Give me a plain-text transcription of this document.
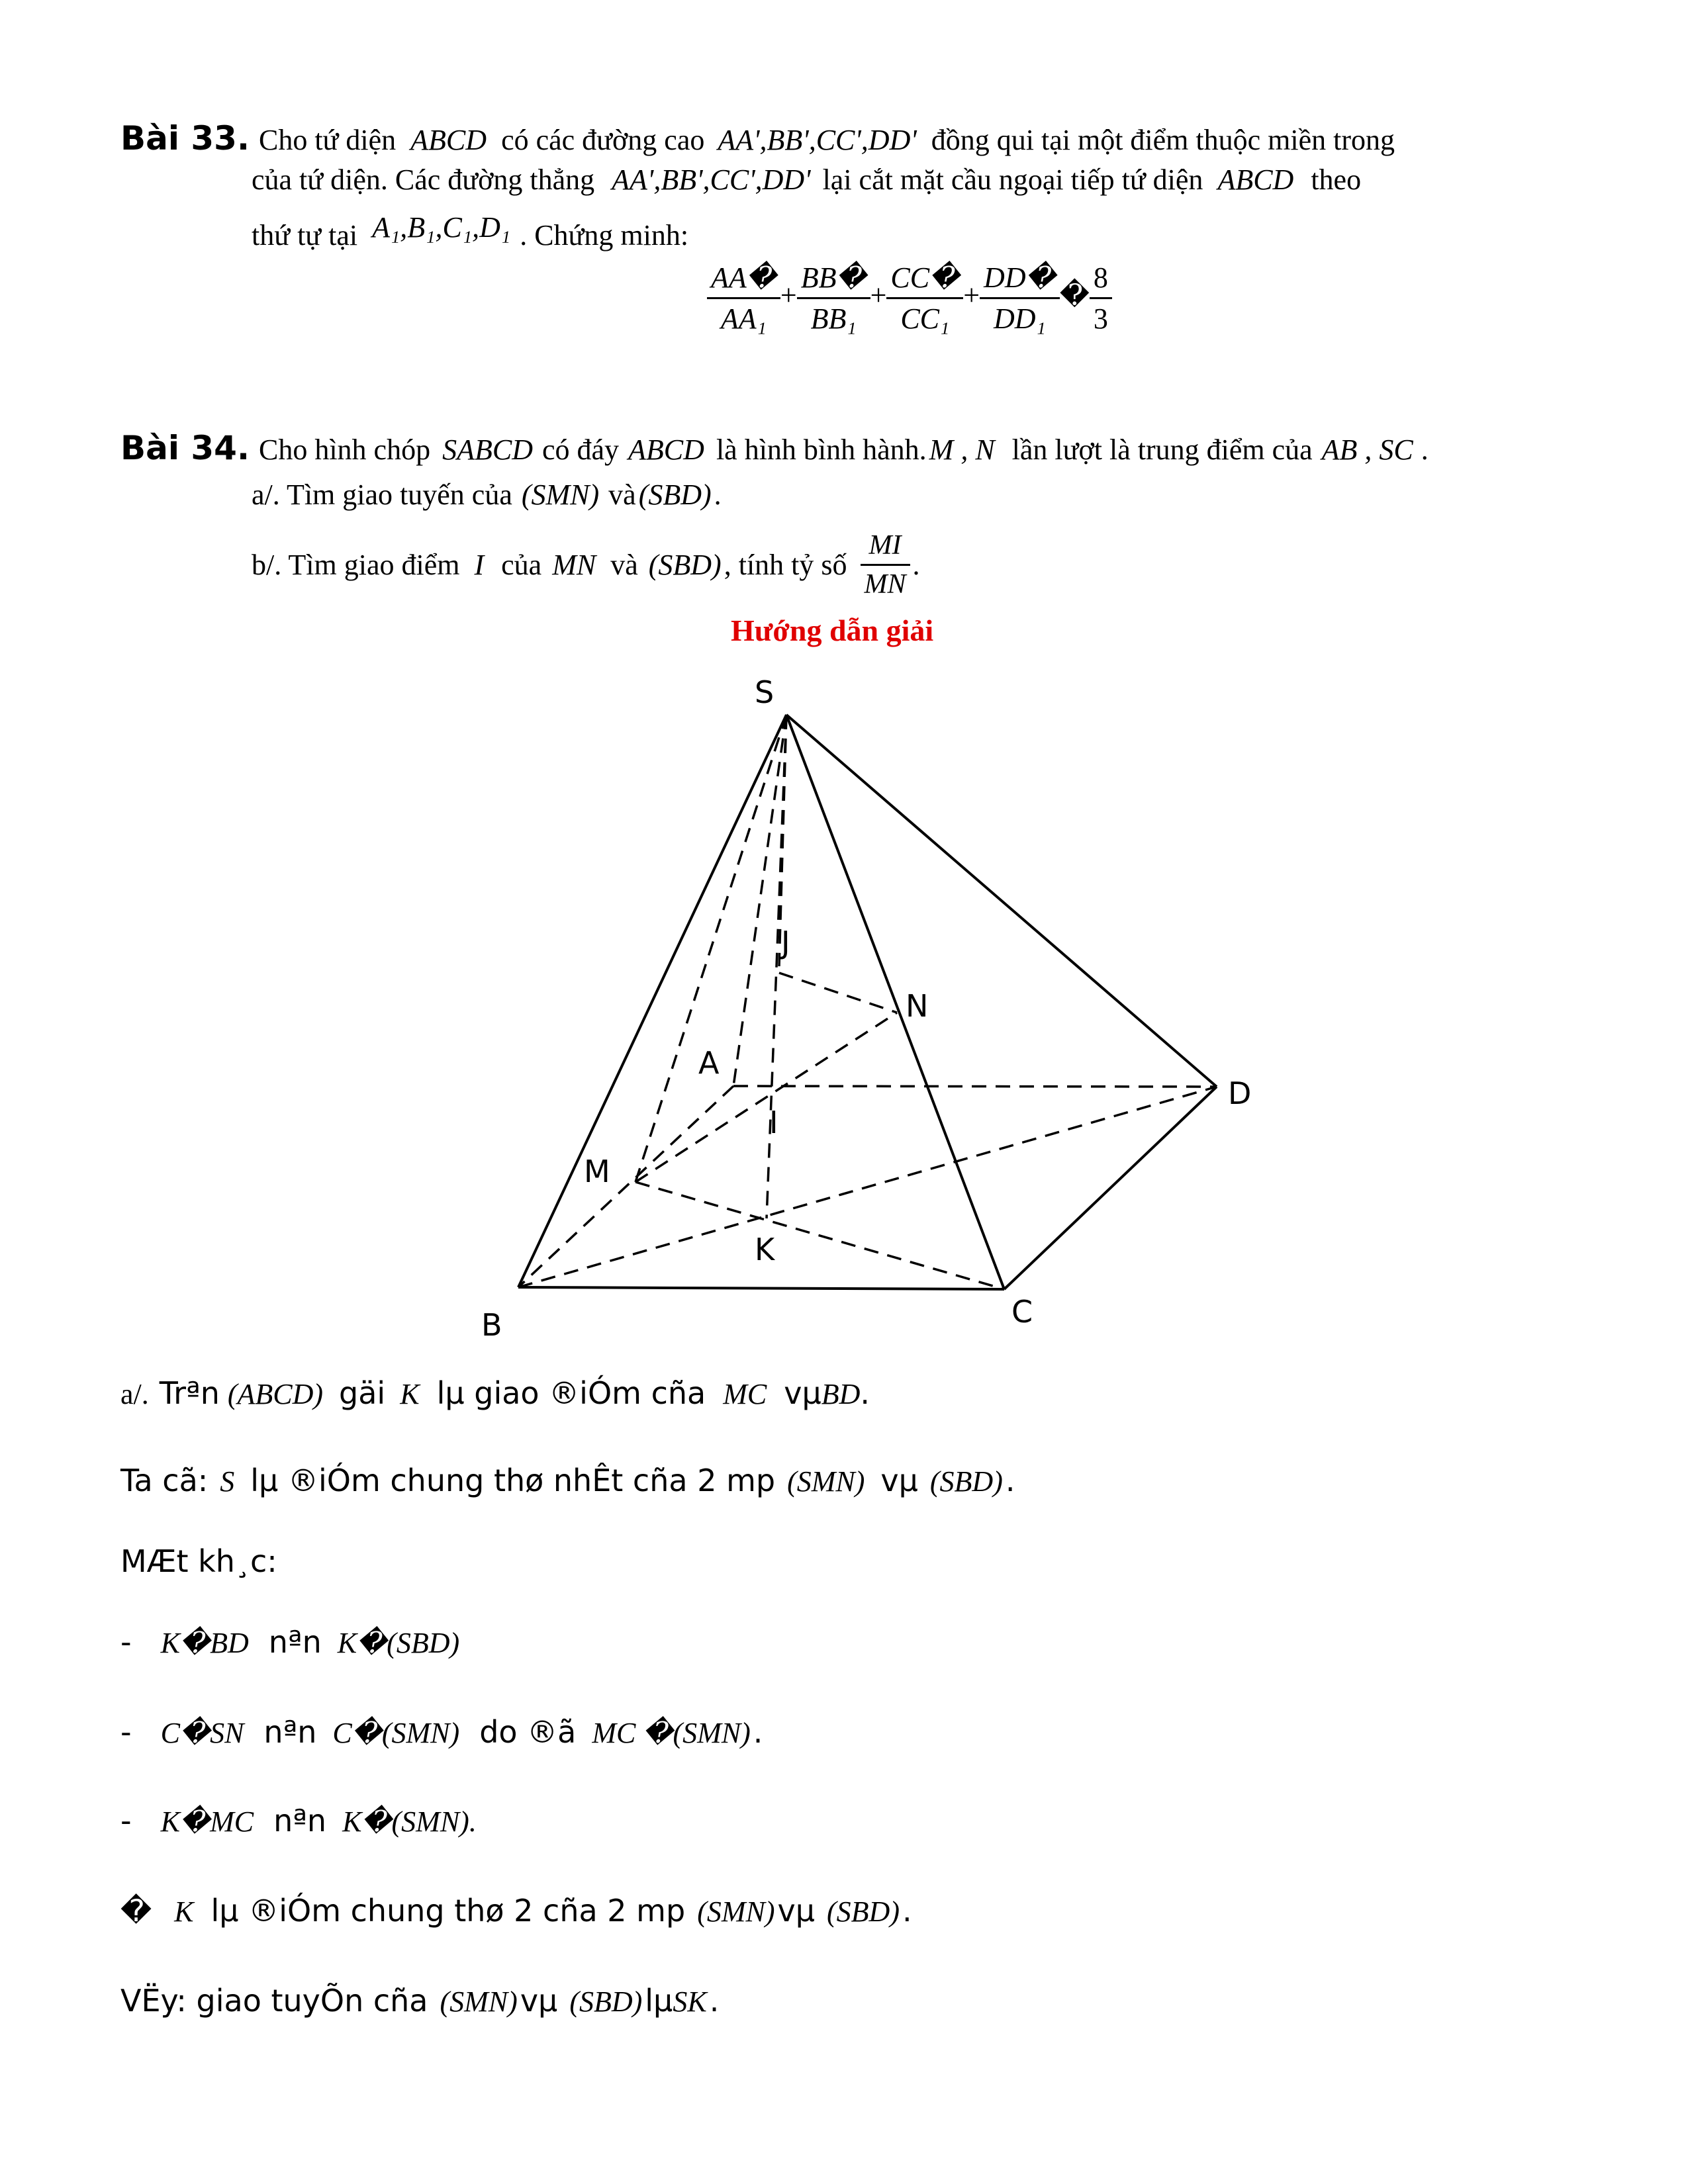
Bài 33. Cho tứ diện ABCD có các đường cao AA',BB',CC',DD' đồng qui tại một điểm thuộc miền trong
của tứ diện. Các đường thẳng AA',BB',CC',DD' lại cắt mặt cầu ngoại tiếp tứ diện ABCD theo
thứ tự tại A₁,B₁,C₁,D₁ . Chứng minh:
$\frac{AA�}{\text{AA₁}} + \frac{BB�}{\text{BB₁}} + \frac{CC�}{\text{CC₁}} + \frac{DD�}{\text{DD₁}}$ � $\frac{8}{3}$
Bài 34. Cho hình chóp SABCD có đáy ABCD là hình bình hành. M , N lần lượt là trung điểm của AB , SC .
a/. Tìm giao tuyến của (SMN) và (SBD) .
b/. Tìm giao điểm I của MN và (SBD) , tính tỷ số $\frac{MI}{MN}$ .
Hướng dẫn giải
S
J
N
A
D
I
M
K
B	C
a/. Trªn (ABCD) gäi K lµ giao ®iÓm cña MC vµBD.
Ta cã: S lµ ®iÓm chung thø nhÊt cña 2 mp (SMN) vµ (SBD) .
MÆt kh¸c:
- K�BD nªn K�(SBD)
- C�SN nªn C�(SMN) do ®ã MC �(SMN) .
- K�MC nªn K�(SMN).
� K lµ ®iÓm chung thø 2 cña 2 mp (SMN) vµ (SBD) .
VËy: giao tuyÕn cña (SMN) vµ (SBD) lµSK .
